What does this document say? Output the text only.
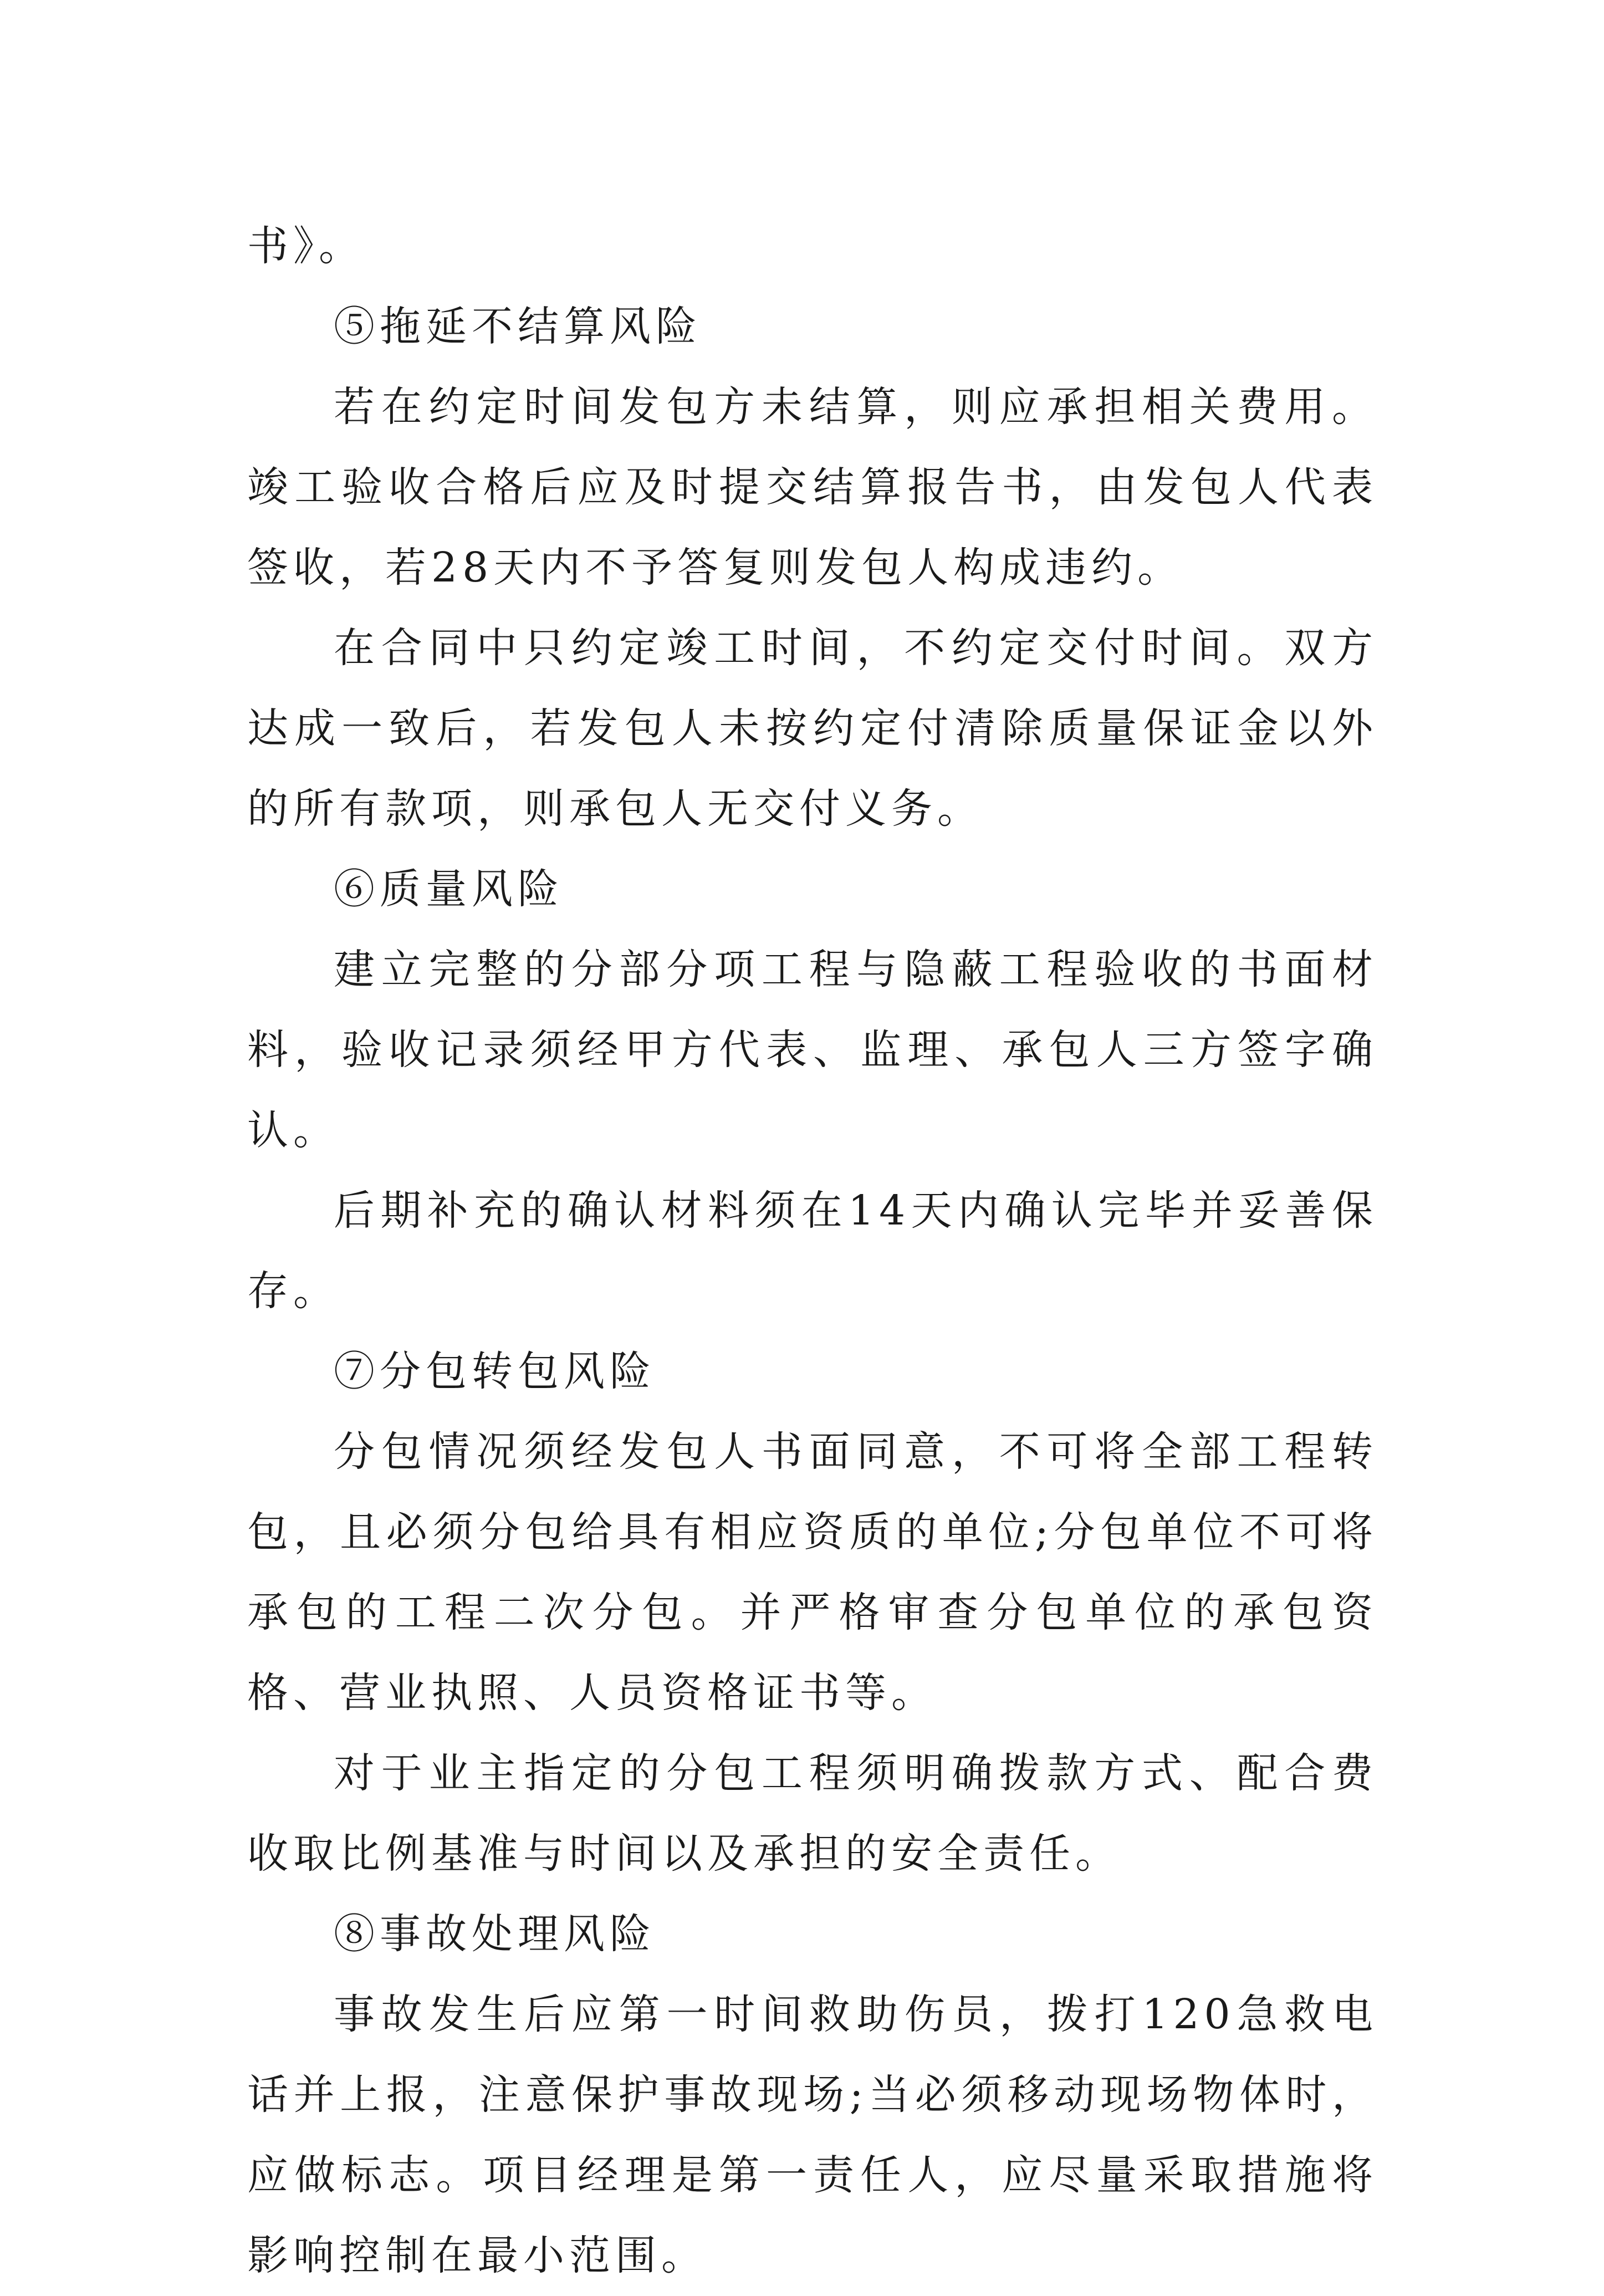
书》。

⑤拖延不结算风险

若在约定时间发包方未结算，则应承担相关费用。竣工验收合格后应及时提交结算报告书，由发包人代表签收，若28天内不予答复则发包人构成违约。

在合同中只约定竣工时间，不约定交付时间。双方达成一致后，若发包人未按约定付清除质量保证金以外的所有款项，则承包人无交付义务。

⑥质量风险

建立完整的分部分项工程与隐蔽工程验收的书面材料，验收记录须经甲方代表、监理、承包人三方签字确认。

后期补充的确认材料须在14天内确认完毕并妥善保存。

⑦分包转包风险

分包情况须经发包人书面同意，不可将全部工程转包，且必须分包给具有相应资质的单位;分包单位不可将承包的工程二次分包。并严格审查分包单位的承包资格、营业执照、人员资格证书等。

对于业主指定的分包工程须明确拨款方式、配合费收取比例基准与时间以及承担的安全责任。

⑧事故处理风险

事故发生后应第一时间救助伤员，拨打120急救电话并上报，注意保护事故现场;当必须移动现场物体时，应做标志。项目经理是第一责任人，应尽量采取措施将影响控制在最小范围。
